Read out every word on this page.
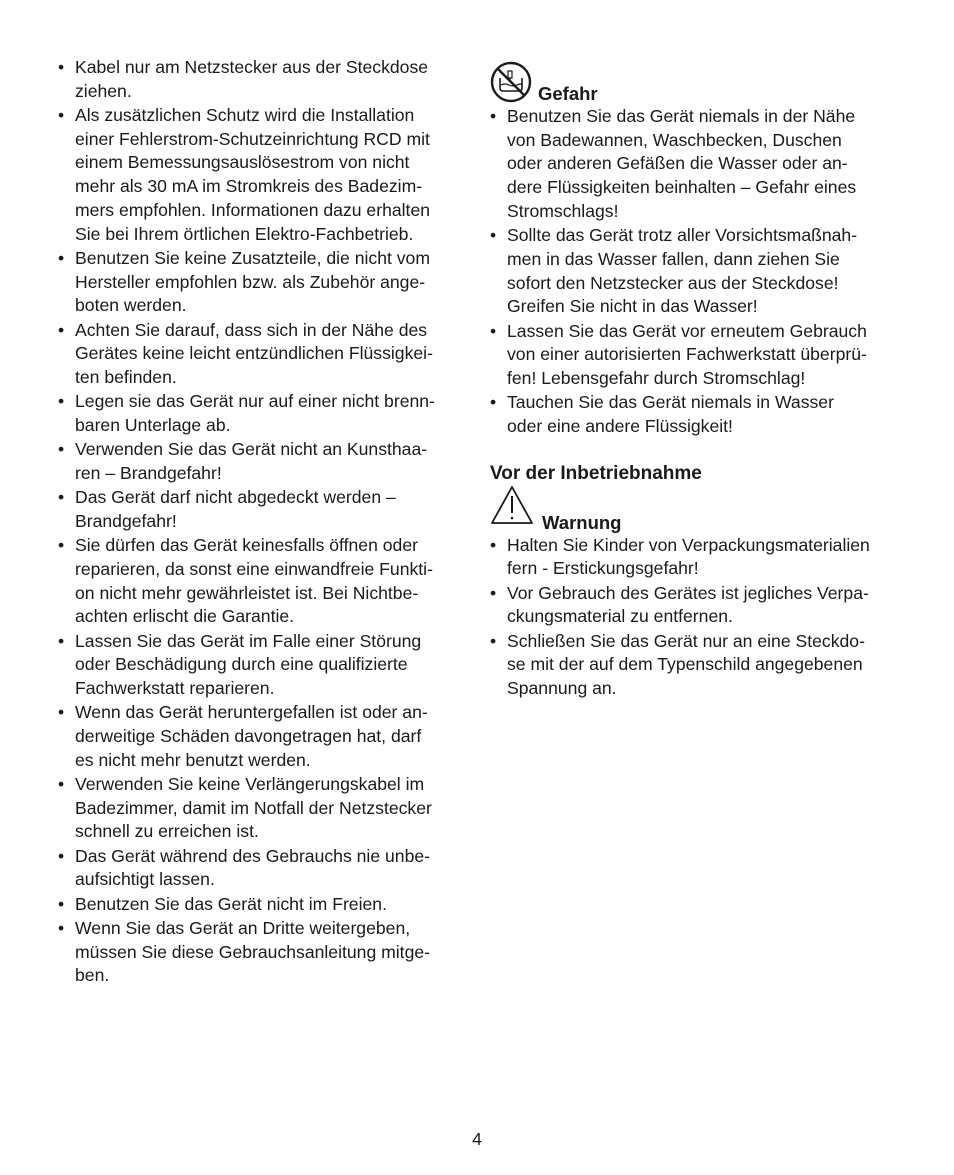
• Kabel nur am Netzstecker aus der Steckdose
ziehen.
• Als zusätzlichen Schutz wird die Installation
einer Fehlerstrom-Schutzeinrichtung RCD mit
einem Bemessungsauslösestrom von nicht
mehr als 30 mA im Stromkreis des Badezim-
mers empfohlen. Informationen dazu erhalten
Sie bei Ihrem örtlichen Elektro-Fachbetrieb.
• Benutzen Sie keine Zusatzteile, die nicht vom
Hersteller empfohlen bzw. als Zubehör ange-
boten werden.
• Achten Sie darauf, dass sich in der Nähe des
Gerätes keine leicht entzündlichen Flüssigkei-
ten befinden.
• Legen sie das Gerät nur auf einer nicht brenn-
baren Unterlage ab.
• Verwenden Sie das Gerät nicht an Kunsthaa-
ren – Brandgefahr!
• Das Gerät darf nicht abgedeckt werden –
Brandgefahr!
• Sie dürfen das Gerät keinesfalls öffnen oder
reparieren, da sonst eine einwandfreie Funkti-
on nicht mehr gewährleistet ist. Bei Nichtbe-
achten erlischt die Garantie.
• Lassen Sie das Gerät im Falle einer Störung
oder Beschädigung durch eine qualifizierte
Fachwerkstatt reparieren.
• Wenn das Gerät heruntergefallen ist oder an-
derweitige Schäden davongetragen hat, darf
es nicht mehr benutzt werden.
• Verwenden Sie keine Verlängerungskabel im
Badezimmer, damit im Notfall der Netzstecker
schnell zu erreichen ist.
• Das Gerät während des Gebrauchs nie unbe-
aufsichtigt lassen.
• Benutzen Sie das Gerät nicht im Freien.
• Wenn Sie das Gerät an Dritte weitergeben,
müssen Sie diese Gebrauchsanleitung mitge-
ben.
Gefahr
• Benutzen Sie das Gerät niemals in der Nähe
von Badewannen, Waschbecken, Duschen
oder anderen Gefäßen die Wasser oder an-
dere Flüssigkeiten beinhalten – Gefahr eines
Stromschlags!
• Sollte das Gerät trotz aller Vorsichtsmaßnah-
men in das Wasser fallen, dann ziehen Sie
sofort den Netzstecker aus der Steckdose!
Greifen Sie nicht in das Wasser!
• Lassen Sie das Gerät vor erneutem Gebrauch
von einer autorisierten Fachwerkstatt überprü-
fen! Lebensgefahr durch Stromschlag!
• Tauchen Sie das Gerät niemals in Wasser
oder eine andere Flüssigkeit!
Vor der Inbetriebnahme
Warnung
• Halten Sie Kinder von Verpackungsmaterialien
fern - Erstickungsgefahr!
• Vor Gebrauch des Gerätes ist jegliches Verpa-
ckungsmaterial zu entfernen.
• Schließen Sie das Gerät nur an eine Steckdo-
se mit der auf dem Typenschild angegebenen
Spannung an.
4
